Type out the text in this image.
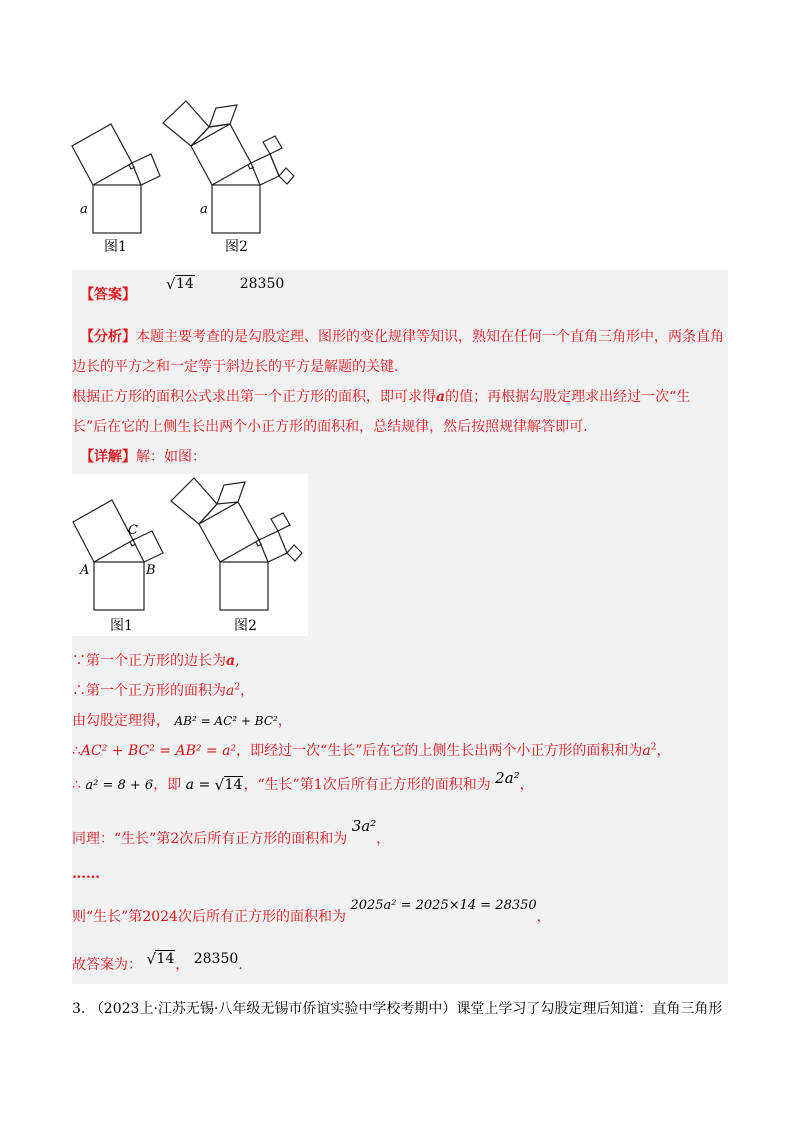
a	a
图1	图2
【答案】
√ 14	28350
【分析】本题主要考查的是勾股定理、图形的变化规律等知识，熟知在任何一个直角三角形中，两条直角
边长的平方之和一定等于斜边长的平方是解题的关键.
根据正方形的面积公式求出第一个正方形的面积，即可求得a的值；再根据勾股定理求出经过一次“生
长”后在它的上侧生长出两个小正方形的面积和，总结规律，然后按照规律解答即可.
【详解】解：如图：
C
A	B
图1	图2
∵第一个正方形的边长为a,
∴第一个正方形的面积为$a^2$，
由勾股定理得， AB² = AC² + BC²，
∴AC² + BC² = AB² = a²，即经过一次“生长”后在它的上侧生长出两个小正方形的面积和为$a^2$，
∴ a² = 8 + 6，即 a = √ 14，“生长”第1次后所有正方形的面积和为 2a²，
同理：“生长”第2次后所有正方形的面积和为 3a²，
……
则“生长”第2024次后所有正方形的面积和为 2025a² = 2025×14 = 28350，
故答案为： √ 14， 28350.
3. （2023上·江苏无锡·八年级无锡市侨谊实验中学校考期中）课堂上学习了勾股定理后知道：直角三角形
